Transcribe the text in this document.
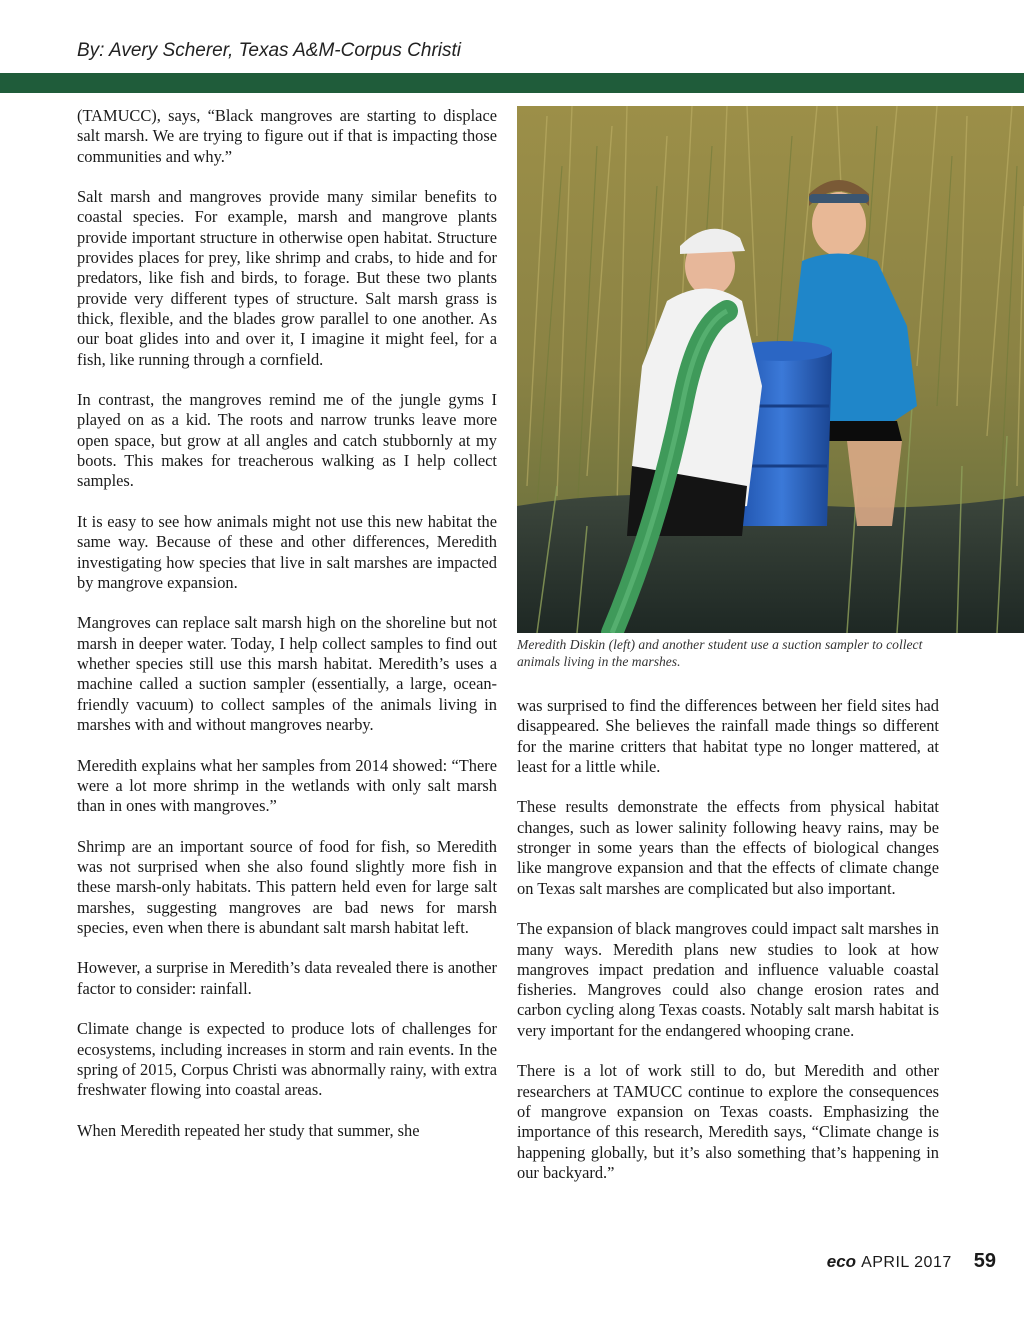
By: Avery Scherer, Texas A&M-Corpus Christi

(TAMUCC), says, “Black mangroves are starting to displace salt marsh. We are trying to figure out if that is impacting those communities and why.”

Salt marsh and mangroves provide many similar benefits to coastal species. For example, marsh and mangrove plants provide important structure in otherwise open habitat. Structure provides places for prey, like shrimp and crabs, to hide and for predators, like fish and birds, to forage. But these two plants provide very different types of structure. Salt marsh grass is thick, flexible, and the blades grow parallel to one another. As our boat glides into and over it, I imagine it might feel, for a fish, like running through a cornfield.

In contrast, the mangroves remind me of the jungle gyms I played on as a kid. The roots and narrow trunks leave more open space, but grow at all angles and catch stubbornly at my boots. This makes for treacherous walking as I help collect samples.

It is easy to see how animals might not use this new habitat the same way. Because of these and other differences, Meredith investigating how species that live in salt marshes are impacted by mangrove expansion.

Mangroves can replace salt marsh high on the shoreline but not marsh in deeper water. Today, I help collect samples to find out whether species still use this marsh habitat. Meredith’s uses a machine called a suction sampler (essentially, a large, ocean-friendly vacuum) to collect samples of the animals living in marshes with and without mangroves nearby.

Meredith explains what her samples from 2014 showed: “There were a lot more shrimp in the wetlands with only salt marsh than in ones with mangroves.”

Shrimp are an important source of food for fish, so Meredith was not surprised when she also found slightly more fish in these marsh-only habitats. This pattern held even for large salt marshes, suggesting mangroves are bad news for marsh species, even when there is abundant salt marsh habitat left.

However, a surprise in Meredith’s data revealed there is another factor to consider: rainfall.

Climate change is expected to produce lots of challenges for ecosystems, including increases in storm and rain events. In the spring of 2015, Corpus Christi was abnormally rainy, with extra freshwater flowing into coastal areas.

When Meredith repeated her study that summer, she

Meredith Diskin (left) and another student use a suction sampler to collect animals living in the marshes.

was surprised to find the differences between her field sites had disappeared. She believes the rainfall made things so different for the marine critters that habitat type no longer mattered, at least for a little while.

These results demonstrate the effects from physical habitat changes, such as lower salinity following heavy rains, may be stronger in some years than the effects of biological changes like mangrove expansion and that the effects of climate change on Texas salt marshes are complicated but also important.

The expansion of black mangroves could impact salt marshes in many ways. Meredith plans new studies to look at how mangroves impact predation and influence valuable coastal fisheries. Mangroves could also change erosion rates and carbon cycling along Texas coasts. Notably salt marsh habitat is very important for the endangered whooping crane.

There is a lot of work still to do, but Meredith and other researchers at TAMUCC continue to explore the consequences of mangrove expansion on Texas coasts. Emphasizing the importance of this research, Meredith says, “Climate change is happening globally, but it’s also something that’s happening in our backyard.”

eco APRIL 2017 59
